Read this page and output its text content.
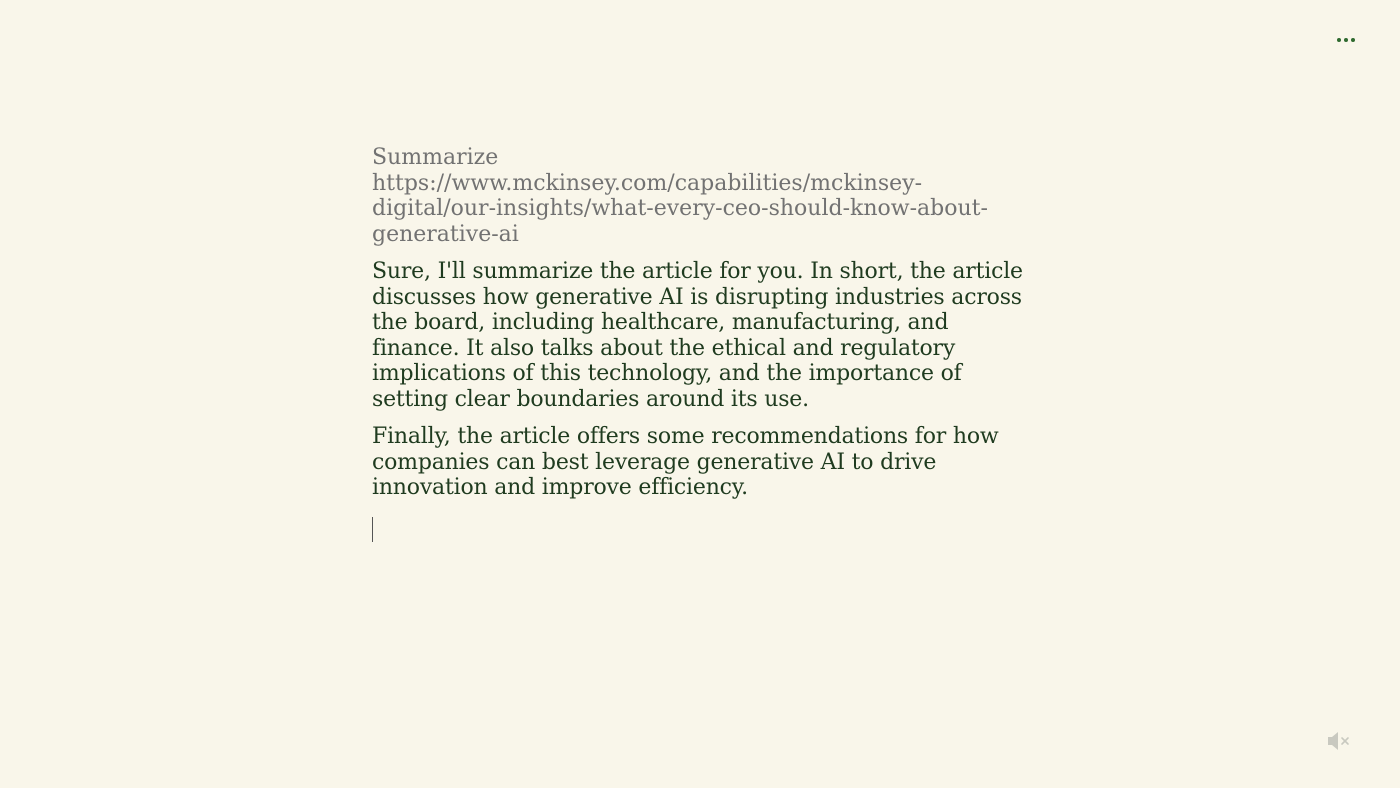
Summarize https://www.mckinsey.com/capabilities/mckinsey-digital/our-insights/what-every-ceo-should-know-about-generative-ai

Sure, I'll summarize the article for you. In short, the article discusses how generative AI is disrupting industries across the board, including healthcare, manufacturing, and finance. It also talks about the ethical and regulatory implications of this technology, and the importance of setting clear boundaries around its use.

Finally, the article offers some recommendations for how companies can best leverage generative AI to drive innovation and improve efficiency.
